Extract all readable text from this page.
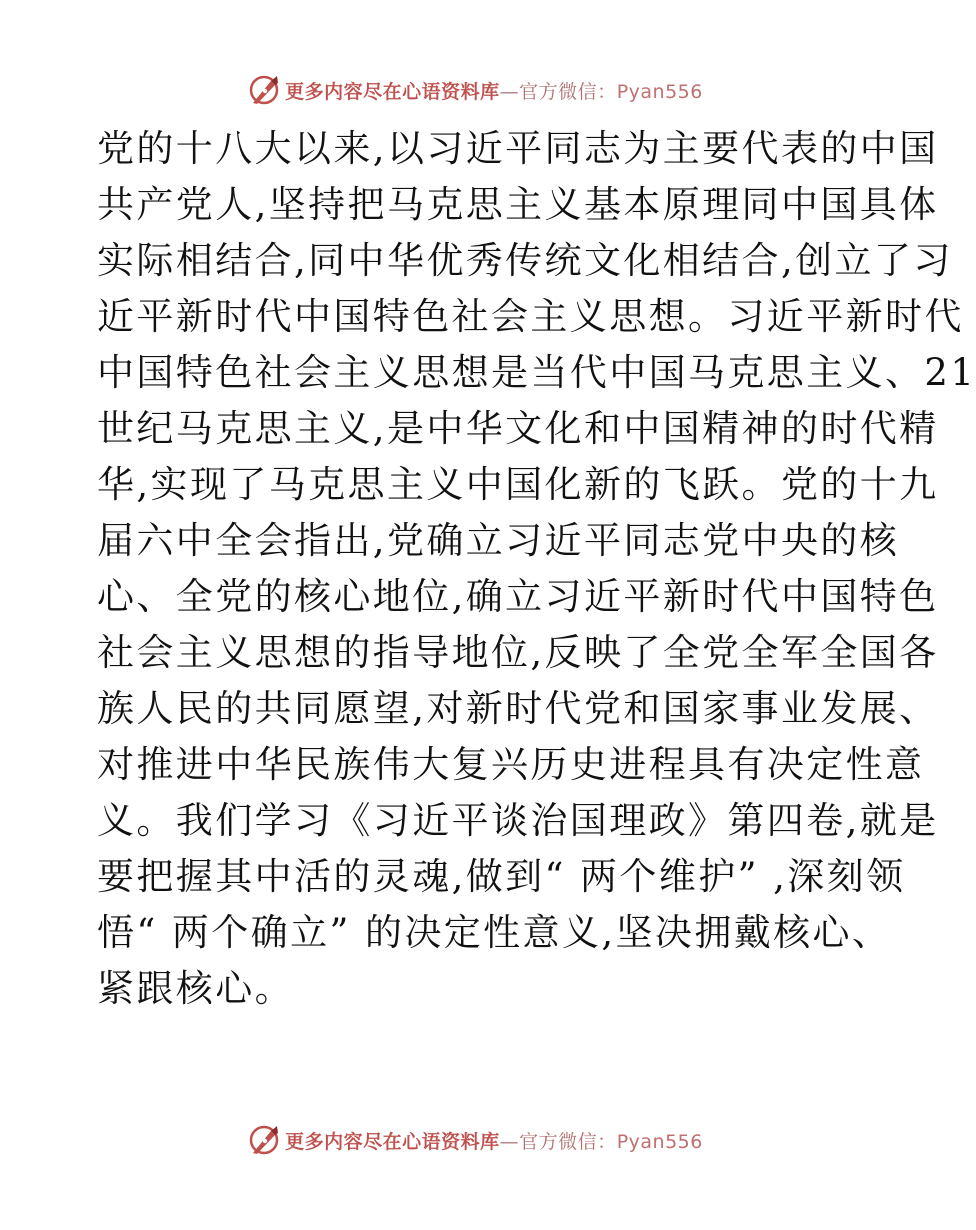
更多内容尽在心语资料库—官方微信：Pyan556
党的十八大以来,以习近平同志为主要代表的中国
共产党人,坚持把马克思主义基本原理同中国具体
实际相结合,同中华优秀传统文化相结合,创立了习
近平新时代中国特色社会主义思想。习近平新时代
中国特色社会主义思想是当代中国马克思主义、21
世纪马克思主义,是中华文化和中国精神的时代精
华,实现了马克思主义中国化新的飞跃。党的十九
届六中全会指出,党确立习近平同志党中央的核
心、全党的核心地位,确立习近平新时代中国特色
社会主义思想的指导地位,反映了全党全军全国各
族人民的共同愿望,对新时代党和国家事业发展、
对推进中华民族伟大复兴历史进程具有决定性意
义。我们学习《习近平谈治国理政》第四卷,就是
要把握其中活的灵魂,做到“ 两个维护” ,深刻领
悟“ 两个确立” 的决定性意义,坚决拥戴核心、
紧跟核心。
更多内容尽在心语资料库—官方微信：Pyan556
